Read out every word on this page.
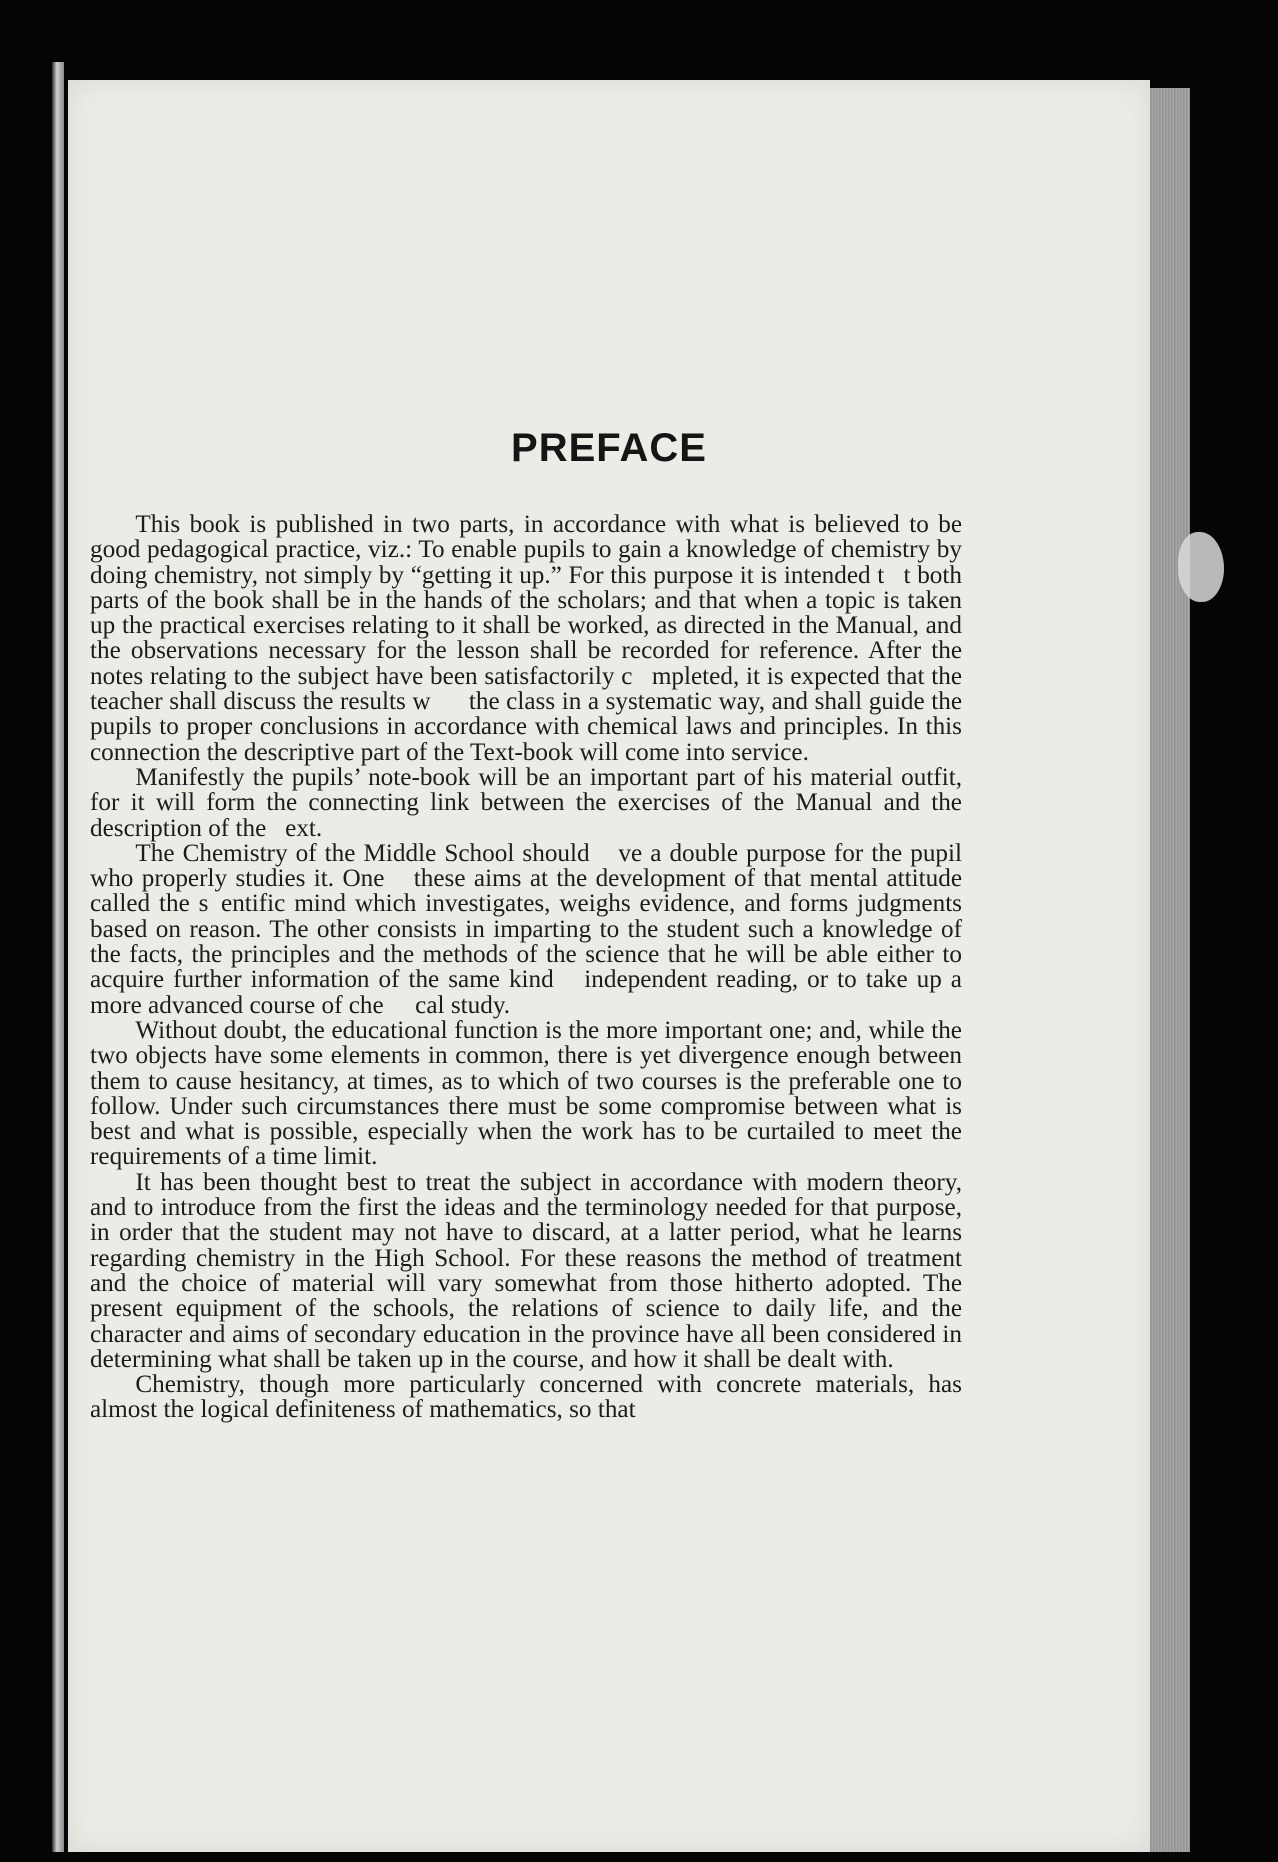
PREFACE

This book is published in two parts, in accordance with what is believed to be good pedagogical practice, viz.: To enable pupils to gain a knowledge of chemistry by doing chemistry, not simply by “getting it up.” For this purpose it is intended t  t both parts of the book shall be in the hands of the scholars; and that when a topic is taken up the practical exercises relating to it shall be worked, as directed in the Manual, and the observations necessary for the lesson shall be recorded for reference. After the notes relating to the subject have been satisfactorily c  mpleted, it is expected that the teacher shall discuss the results w    the class in a systematic way, and shall guide the pupils to proper conclusions in accordance with chemical laws and principles. In this connection the descriptive part of the Text-book will come into service.

Manifestly the pupils’ note-book will be an important part of his material outfit, for it will form the connecting link between the exercises of the Manual and the description of the  ext.

The Chemistry of the Middle School should   ve a double purpose for the pupil who properly studies it. One   these aims at the development of that mental attitude called the s entific mind which investigates, weighs evidence, and forms judgments based on reason. The other consists in imparting to the student such a knowledge of the facts, the principles and the methods of the science that he will be able either to acquire further information of the same kind   independent reading, or to take up a more advanced course of che   cal study.

Without doubt, the educational function is the more important one; and, while the two objects have some elements in common, there is yet divergence enough between them to cause hesitancy, at times, as to which of two courses is the preferable one to follow. Under such circumstances there must be some compromise between what is best and what is possible, especially when the work has to be curtailed to meet the requirements of a time limit.

It has been thought best to treat the subject in accordance with modern theory, and to introduce from the first the ideas and the terminology needed for that purpose, in order that the student may not have to discard, at a latter period, what he learns regarding chemistry in the High School. For these reasons the method of treatment and the choice of material will vary somewhat from those hitherto adopted. The present equipment of the schools, the relations of science to daily life, and the character and aims of secondary education in the province have all been considered in determining what shall be taken up in the course, and how it shall be dealt with.

Chemistry, though more particularly concerned with concrete materials, has almost the logical definiteness of mathematics, so that
